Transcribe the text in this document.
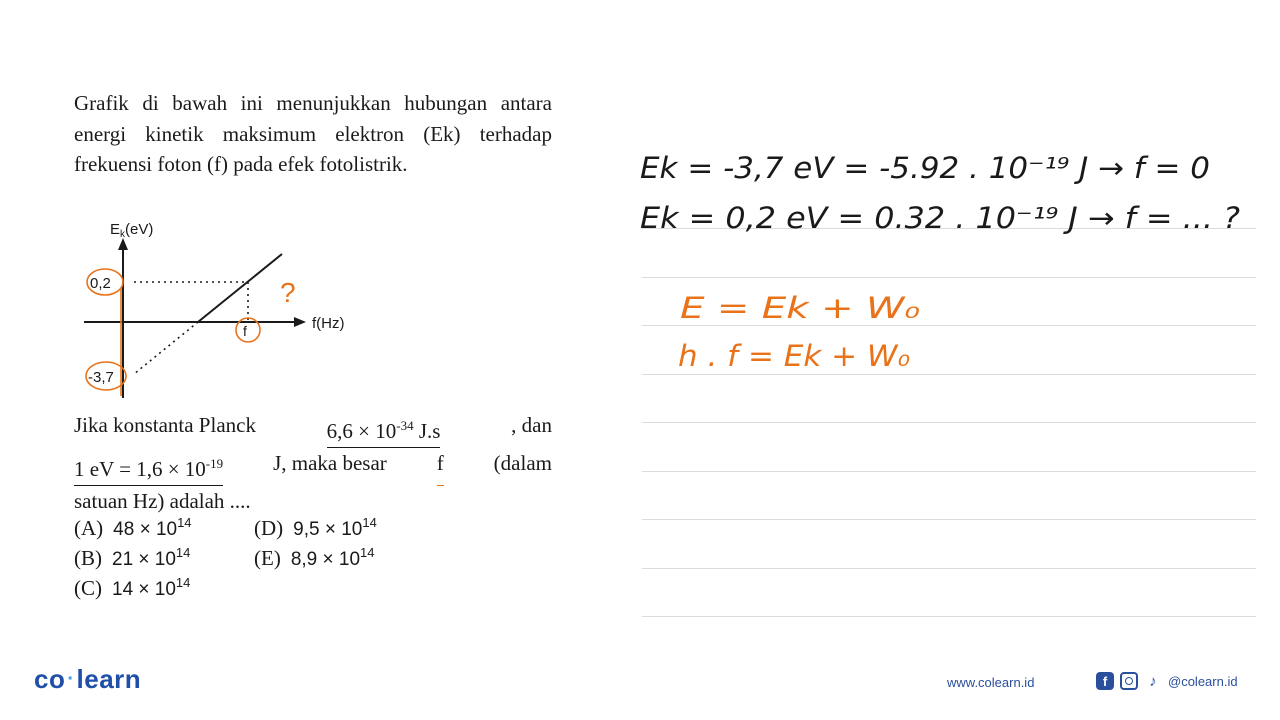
Grafik di bawah ini menunjukkan hubungan antara energi kinetik maksimum elektron (Ek) terhadap frekuensi foton (f) pada efek fotolistrik.

$E_k(eV)$
f(Hz)
0,2
-3,7
f
?
Jika konstanta Planck	$6,6 \times 10^{-34}$ J.s	, dan
1 eV = $1,6 \times 10^{-19}$ J, maka besar f (dalam
satuan Hz) adalah ....
(A) $48 \times 10^{14}$
(B) $21 \times 10^{14}$
(C) $14 \times 10^{14}$
(D) $9,5 \times 10^{14}$
(E) $8,9 \times 10^{14}$
Ek = -3,7 eV = -5.92 . 10⁻¹⁹ J → f = 0
Ek = 0,2 eV = 0.32 . 10⁻¹⁹ J → f = ... ?
E = Ek + W₀
h . f = Ek + W₀
co ·learn	www.colearn.id	f	♪ @colearn.id
